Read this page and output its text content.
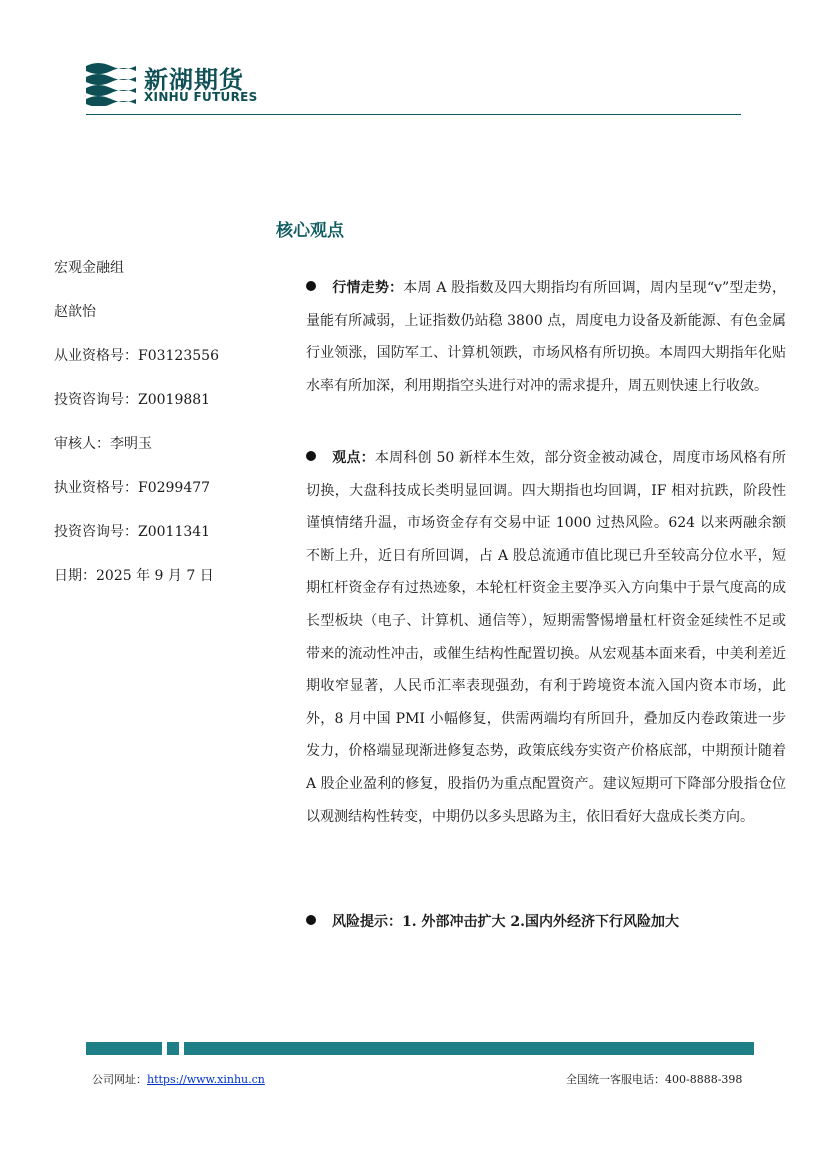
新湖期货
XINHU FUTURES
核心观点
宏观金融组
赵歆怡
从业资格号：F03123556
投资咨询号：Z0019881
审核人：李明玉
执业资格号：F0299477
投资咨询号：Z0011341
日期：2025 年 9 月 7 日
行情走势：本周 A 股指数及四大期指均有所回调，周内呈现“v”型走势，量能有所减弱，上证指数仍站稳 3800 点，周度电力设备及新能源、有色金属行业领涨，国防军工、计算机领跌，市场风格有所切换。本周四大期指年化贴水率有所加深，利用期指空头进行对冲的需求提升，周五则快速上行收敛。
观点：本周科创 50 新样本生效，部分资金被动减仓，周度市场风格有所切换，大盘科技成长类明显回调。四大期指也均回调，IF 相对抗跌，阶段性谨慎情绪升温，市场资金存有交易中证 1000 过热风险。624 以来两融余额不断上升，近日有所回调，占 A 股总流通市值比现已升至较高分位水平，短期杠杆资金存有过热迹象，本轮杠杆资金主要净买入方向集中于景气度高的成长型板块（电子、计算机、通信等），短期需警惕增量杠杆资金延续性不足或带来的流动性冲击，或催生结构性配置切换。从宏观基本面来看，中美利差近期收窄显著，人民币汇率表现强劲，有利于跨境资本流入国内资本市场，此外，8 月中国 PMI 小幅修复，供需两端均有所回升，叠加反内卷政策进一步发力，价格端显现渐进修复态势，政策底线夯实资产价格底部，中期预计随着 A 股企业盈利的修复，股指仍为重点配置资产。建议短期可下降部分股指仓位以观测结构性转变，中期仍以多头思路为主，依旧看好大盘成长类方向。
风险提示：1. 外部冲击扩大 2.国内外经济下行风险加大
公司网址：https://www.xinhu.cn	全国统一客服电话：400-8888-398
